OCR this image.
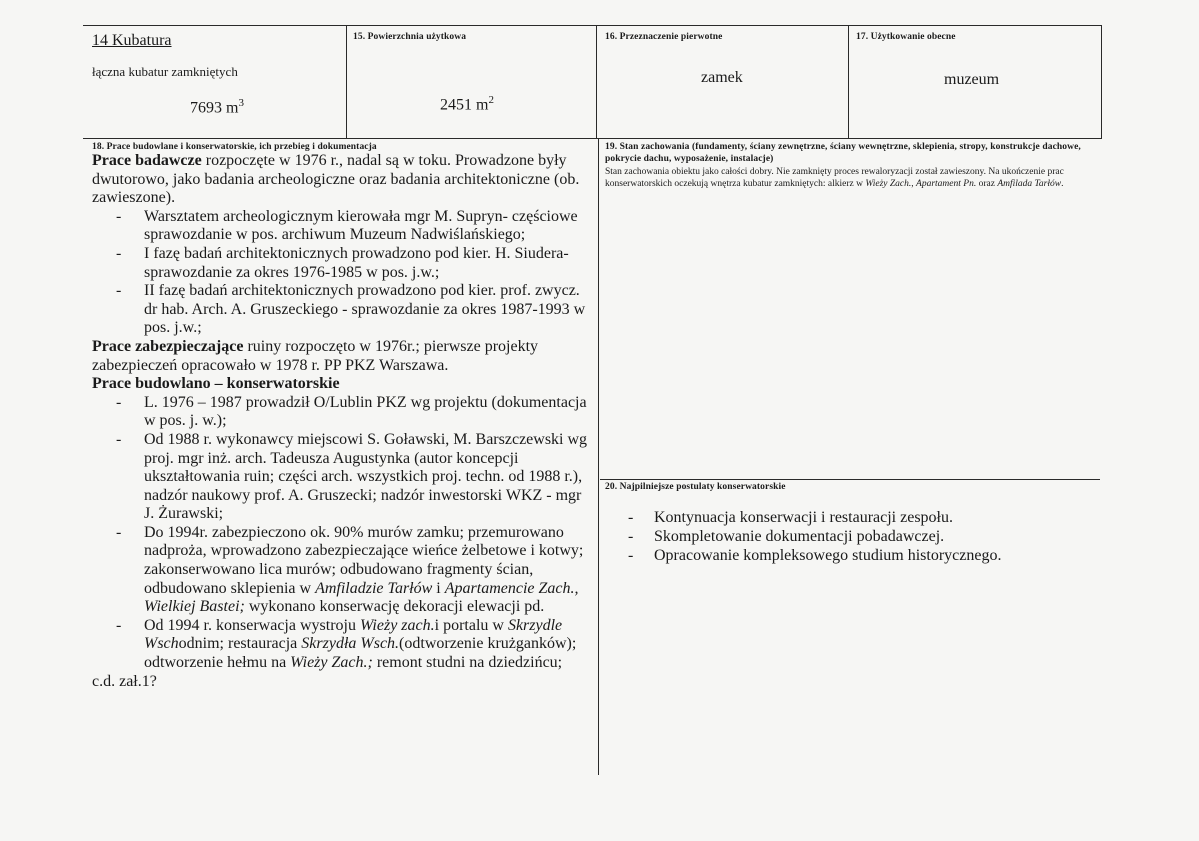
14 Kubatura
łączna kubatur zamkniętych
7693 $m^3$
15. Powierzchnia użytkowa
2451 $m^2$
16. Przeznaczenie pierwotne
zamek
17. Użytkowanie obecne
muzeum
18. Prace budowlane i konserwatorskie, ich przebieg i dokumentacja
Prace badawcze rozpoczęte w 1976 r., nadal są w toku. Prowadzone były dwutorowo, jako badania archeologiczne oraz badania architektoniczne (ob. zawieszone).
- Warsztatem archeologicznym kierowała mgr M. Supryn- częściowe sprawozdanie w pos. archiwum Muzeum Nadwiślańskiego;
- I fazę badań architektonicznych prowadzono pod kier. H. Siudera- sprawozdanie za okres 1976-1985 w pos. j.w.;
- II fazę badań architektonicznych prowadzono pod kier. prof. zwycz. dr hab. Arch. A. Gruszeckiego - sprawozdanie za okres 1987-1993 w pos. j.w.;
Prace zabezpieczające ruiny rozpoczęto w 1976r.; pierwsze projekty zabezpieczeń opracowało w 1978 r. PP PKZ Warszawa.
Prace budowlano – konserwatorskie
- L. 1976 – 1987 prowadził O/Lublin PKZ wg projektu (dokumentacja w pos. j. w.);
- Od 1988 r. wykonawcy miejscowi S. Goławski, M. Barszczewski wg proj. mgr inż. arch. Tadeusza Augustynka (autor koncepcji ukształtowania ruin; części arch. wszystkich proj. techn. od 1988 r.), nadzór naukowy prof. A. Gruszecki; nadzór inwestorski WKZ - mgr J. Żurawski;
- Do 1994r. zabezpieczono ok. 90% murów zamku; przemurowano nadproża, wprowadzono zabezpieczające wieńce żelbetowe i kotwy; zakonserwowano lica murów; odbudowano fragmenty ścian, odbudowano sklepienia w Amfiladzie Tarłów i Apartamencie Zach., Wielkiej Bastei; wykonano konserwację dekoracji elewacji pd.
- Od 1994 r. konserwacja wystroju Wieży zach.i portalu w Skrzydle Wschodnim; restauracja Skrzydła Wsch.(odtworzenie krużganków); odtworzenie hełmu na Wieży Zach.; remont studni na dziedzińcu;
c.d. zał.1?
19. Stan zachowania (fundamenty, ściany zewnętrzne, ściany wewnętrzne, sklepienia, stropy, konstrukcje dachowe, pokrycie dachu, wyposażenie, instalacje)
Stan zachowania obiektu jako całości dobry. Nie zamknięty proces rewaloryzacji został zawieszony. Na ukończenie prac konserwatorskich oczekują wnętrza kubatur zamkniętych: alkierz w Wieży Zach., Apartament Pn. oraz Amfilada Tarłów.
20. Najpilniejsze postulaty konserwatorskie
- Kontynuacja konserwacji i restauracji zespołu.
- Skompletowanie dokumentacji pobadawczej.
- Opracowanie kompleksowego studium historycznego.
